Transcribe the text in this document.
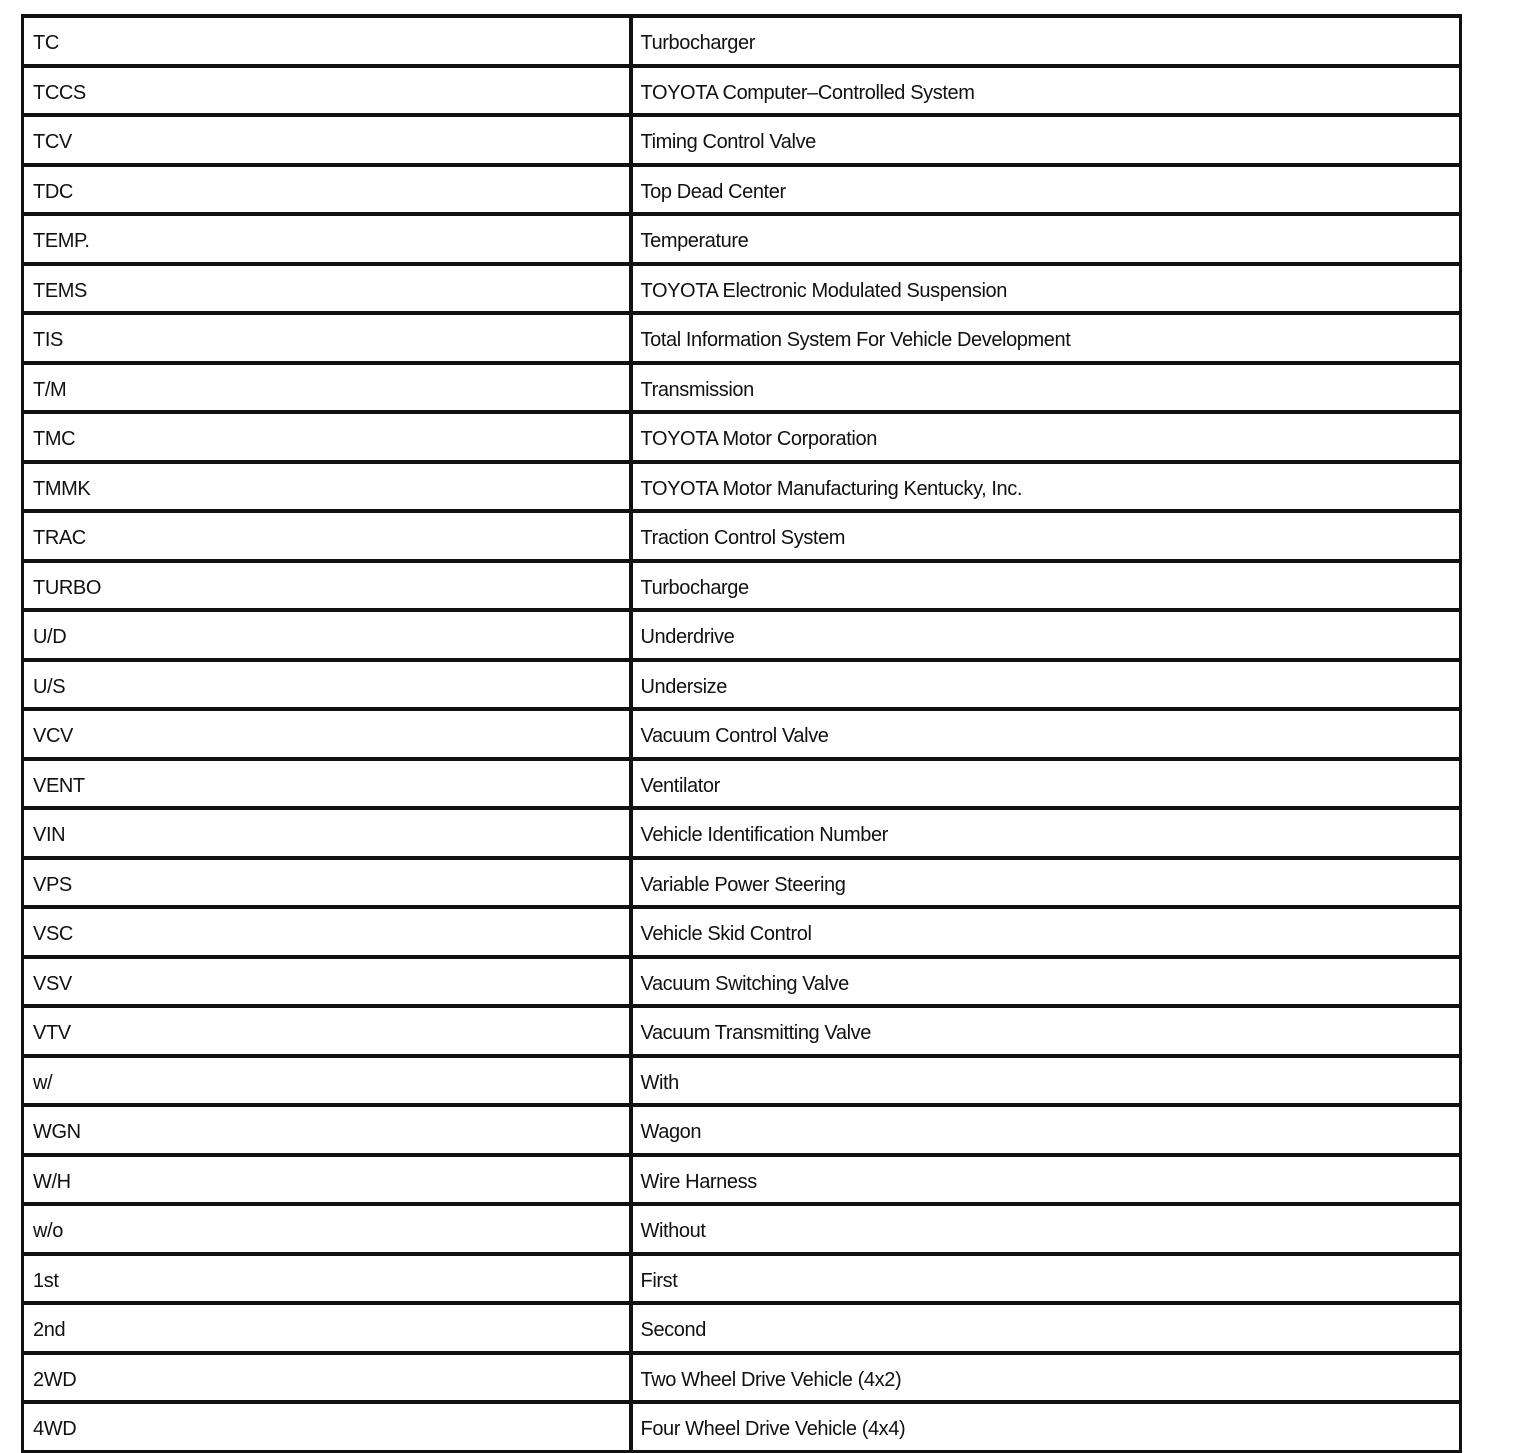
TC	Turbocharger
TCCS	TOYOTA Computer–Controlled System
TCV	Timing Control Valve
TDC	Top Dead Center
TEMP.	Temperature
TEMS	TOYOTA Electronic Modulated Suspension
TIS	Total Information System For Vehicle Development
T/M	Transmission
TMC	TOYOTA Motor Corporation
TMMK	TOYOTA Motor Manufacturing Kentucky, Inc.
TRAC	Traction Control System
TURBO	Turbocharge
U/D	Underdrive
U/S	Undersize
VCV	Vacuum Control Valve
VENT	Ventilator
VIN	Vehicle Identification Number
VPS	Variable Power Steering
VSC	Vehicle Skid Control
VSV	Vacuum Switching Valve
VTV	Vacuum Transmitting Valve
w/	With
WGN	Wagon
W/H	Wire Harness
w/o	Without
1st	First
2nd	Second
2WD	Two Wheel Drive Vehicle (4x2)
4WD	Four Wheel Drive Vehicle (4x4)
